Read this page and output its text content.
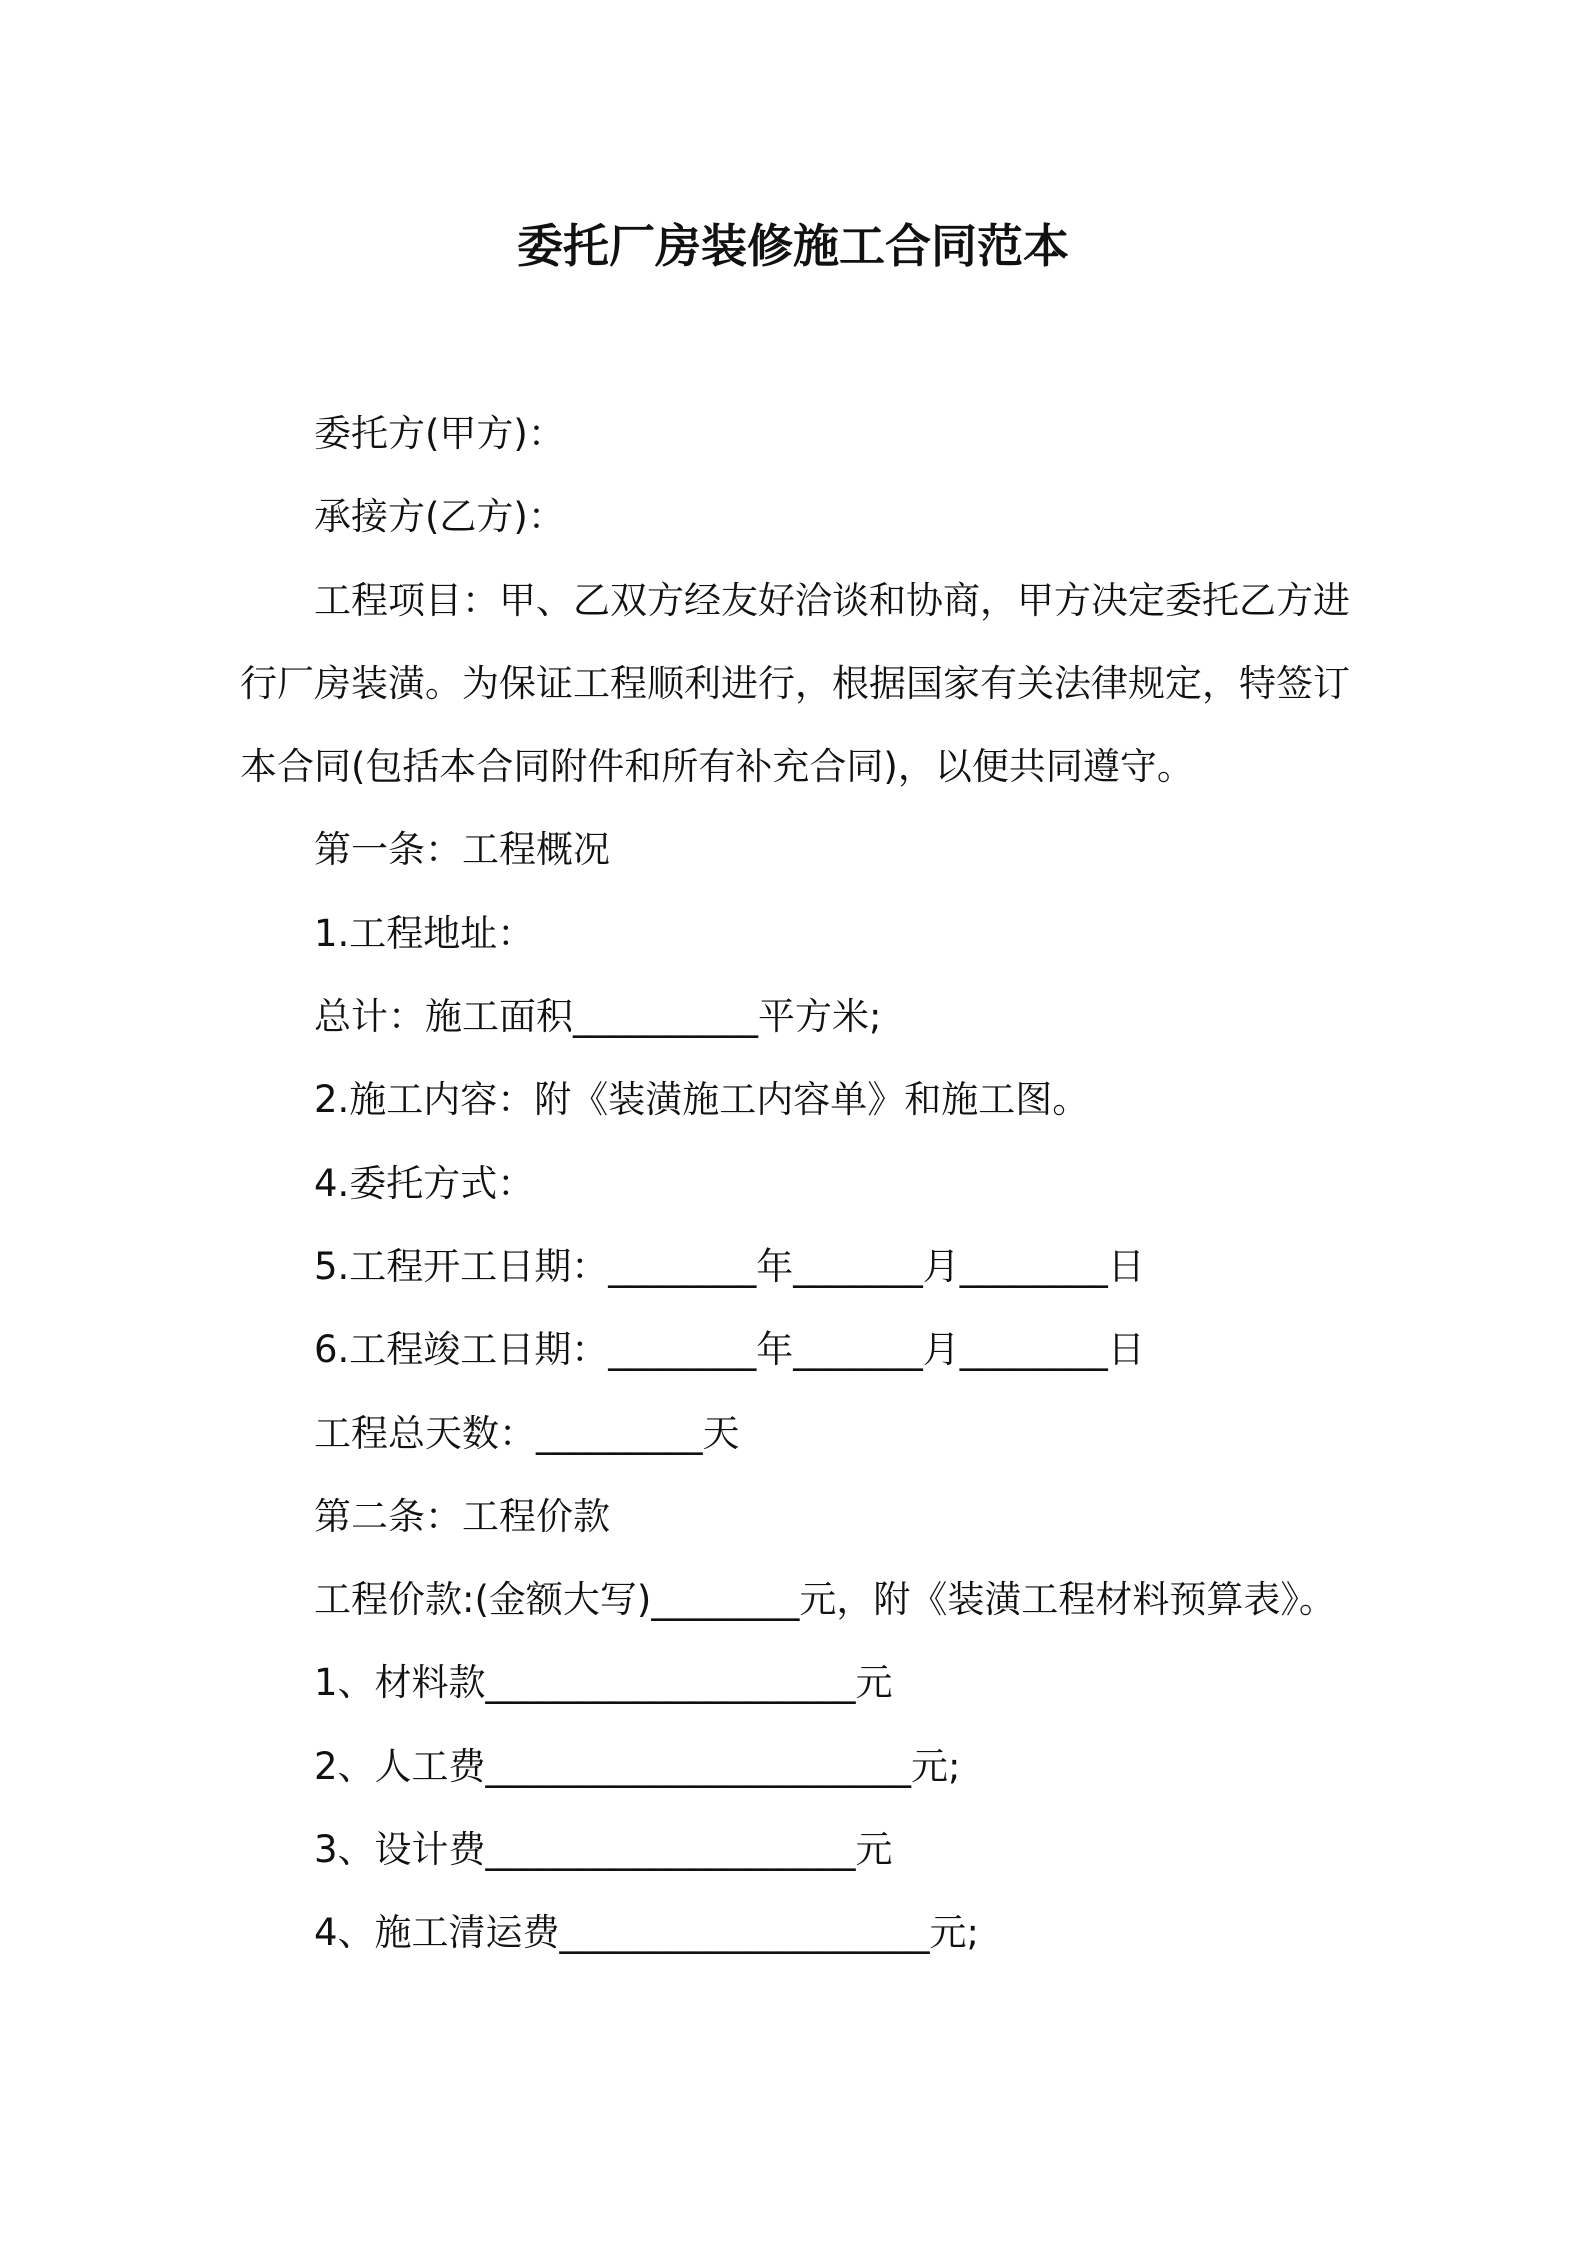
委托厂房装修施工合同范本

委托方(甲方)：

承接方(乙方)：

工程项目：甲、乙双方经友好洽谈和协商，甲方决定委托乙方进行厂房装潢。为保证工程顺利进行，根据国家有关法律规定，特签订本合同(包括本合同附件和所有补充合同)，以便共同遵守。

第一条：工程概况

1.工程地址：

总计：施工面积__________平方米;

2.施工内容：附《装潢施工内容单》和施工图。

4.委托方式：

5.工程开工日期：________年_______月________日

6.工程竣工日期：________年_______月________日

工程总天数：_________天

第二条：工程价款

工程价款:(金额大写)________元，附《装潢工程材料预算表》。

1、材料款____________________元

2、人工费_______________________元;

3、设计费____________________元

4、施工清运费____________________元;
